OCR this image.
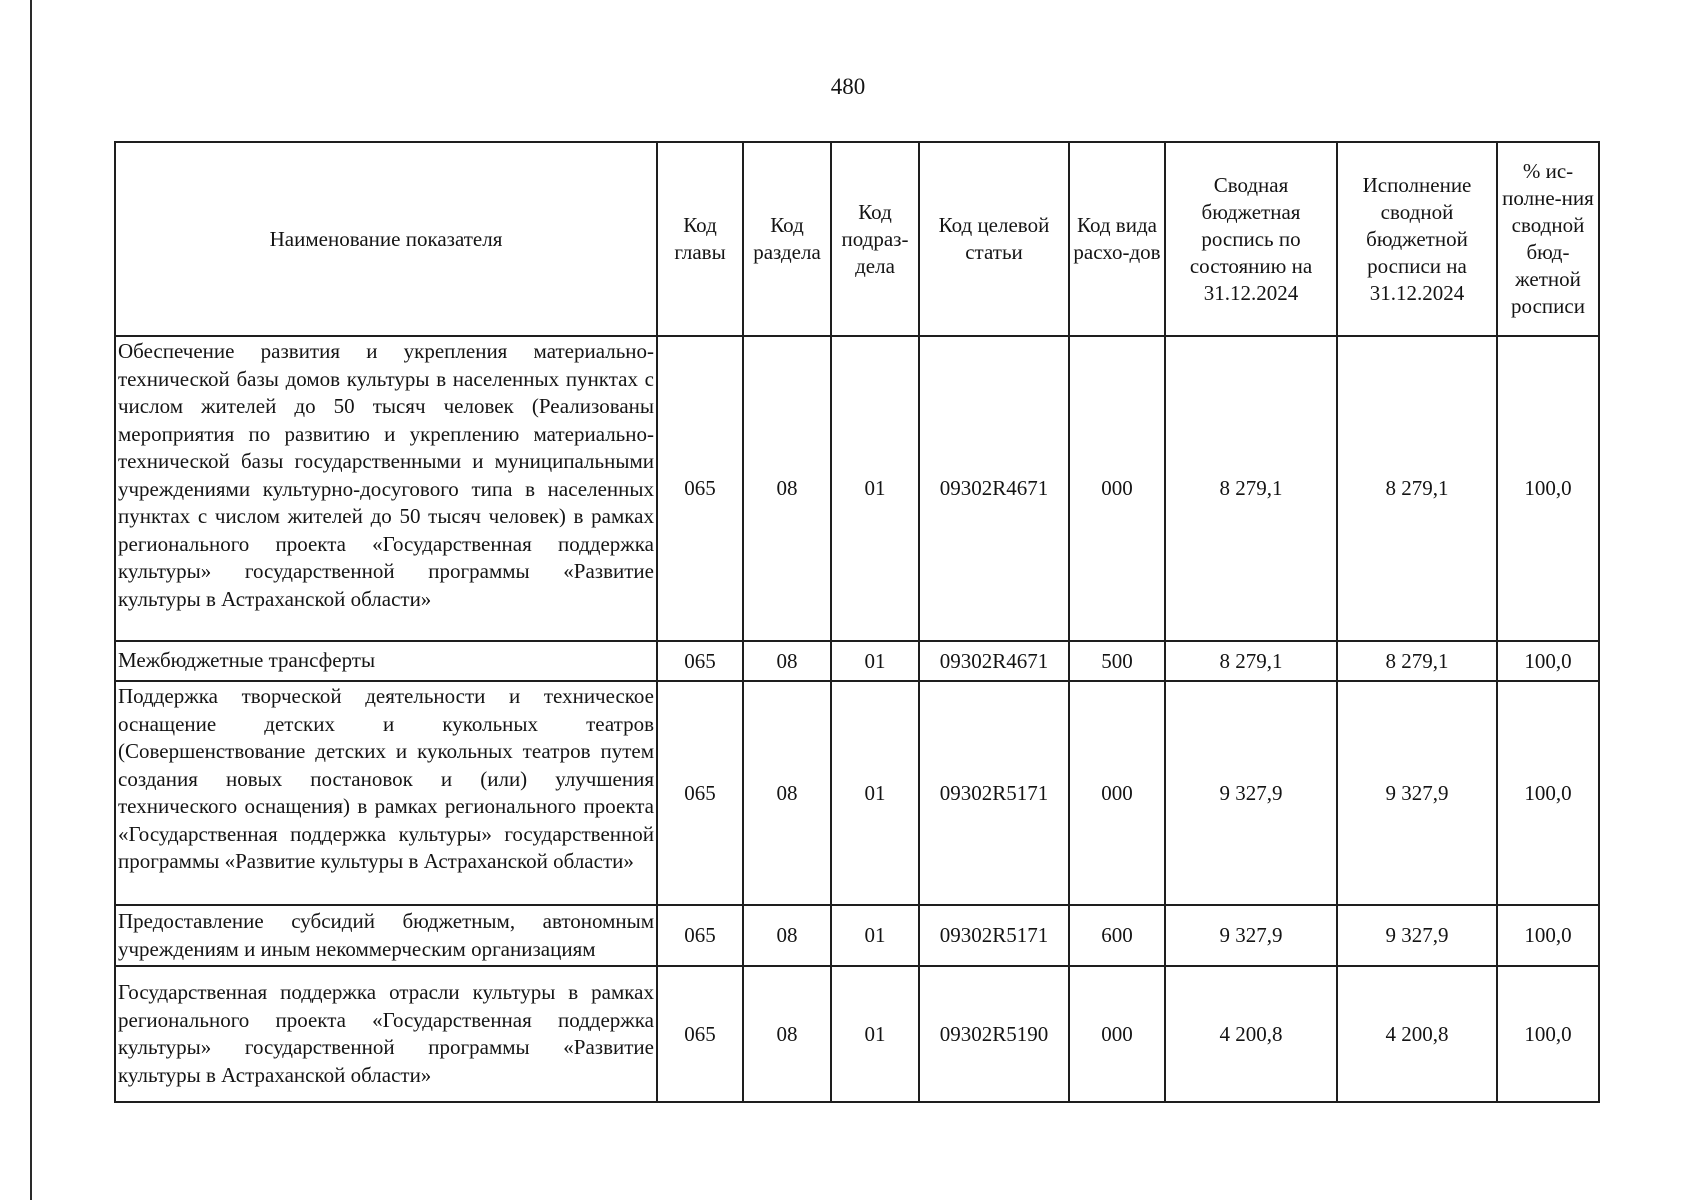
480
Наименование показателя	Код главы	Код раздела	Код подраз-дела	Код целевой статьи	Код вида расхо-дов	Сводная бюджетная роспись по состоянию на 31.12.2024	Исполнение сводной бюджетной росписи на 31.12.2024	% ис-полне-ния сводной бюд-жетной росписи
Обеспечение развития и укрепления материально-технической базы домов культуры в населенных пунктах с числом жителей до 50 тысяч человек (Реализованы мероприятия по развитию и укреплению материально-технической базы государственными и муниципальными учреждениями культурно-досугового типа в населенных пунктах с числом жителей до 50 тысяч человек) в рамках регионального проекта «Государственная поддержка культуры» государственной программы «Развитие культуры в Астраханской области»	065	08	01	09302R4671	000	8 279,1	8 279,1	100,0
Межбюджетные трансферты	065	08	01	09302R4671	500	8 279,1	8 279,1	100,0
Поддержка творческой деятельности и техническое оснащение детских и кукольных театров (Совершенствование детских и кукольных театров путем создания новых постановок и (или) улучшения технического оснащения) в рамках регионального проекта «Государственная поддержка культуры» государственной программы «Развитие культуры в Астраханской области»	065	08	01	09302R5171	000	9 327,9	9 327,9	100,0
Предоставление субсидий бюджетным, автономным учреждениям и иным некоммерческим организациям	065	08	01	09302R5171	600	9 327,9	9 327,9	100,0
Государственная поддержка отрасли культуры в рамках регионального проекта «Государственная поддержка культуры» государственной программы «Развитие культуры в Астраханской области»	065	08	01	09302R5190	000	4 200,8	4 200,8	100,0
